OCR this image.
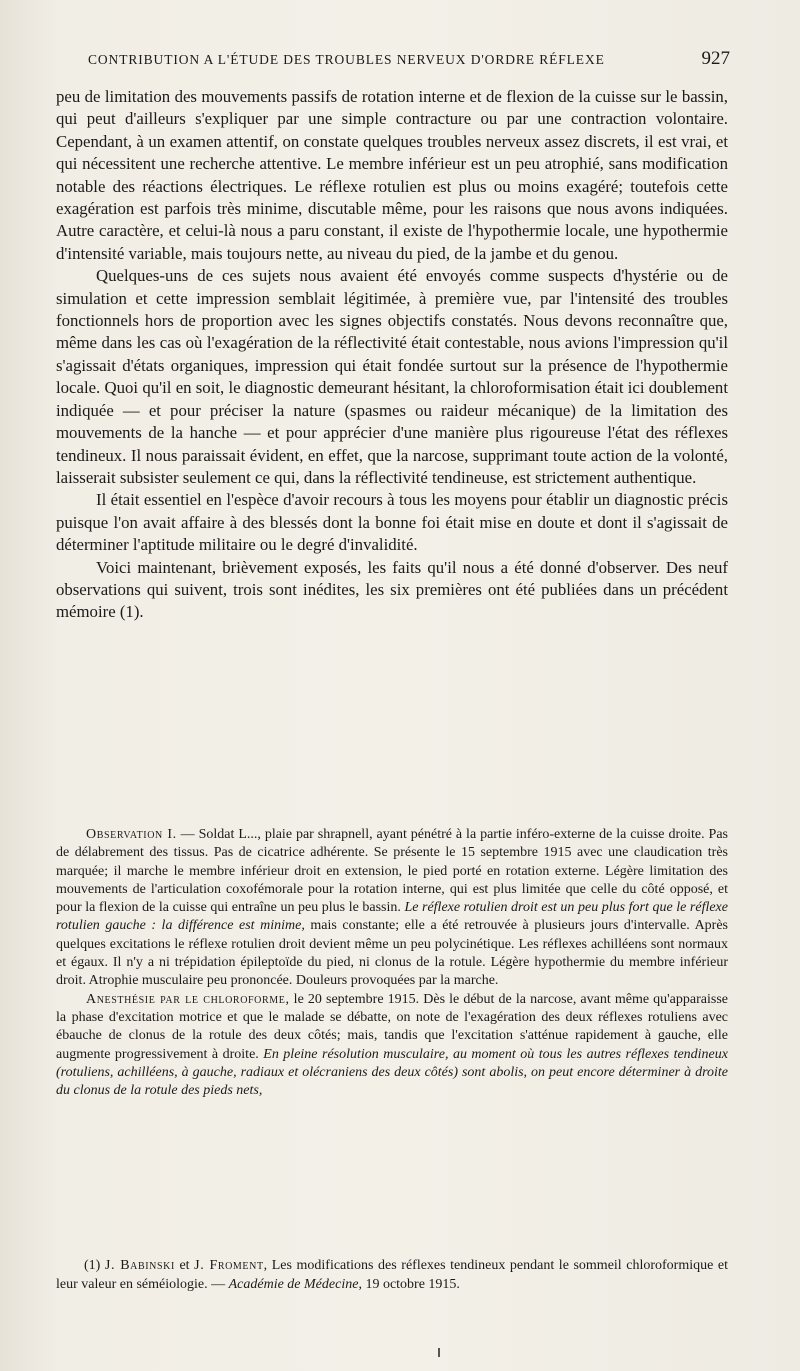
CONTRIBUTION A L'ÉTUDE DES TROUBLES NERVEUX D'ORDRE RÉFLEXE	927

peu de limitation des mouvements passifs de rotation interne et de flexion de la cuisse sur le bassin, qui peut d'ailleurs s'expliquer par une simple contracture ou par une contraction volontaire. Cependant, à un examen attentif, on constate quelques troubles nerveux assez discrets, il est vrai, et qui nécessitent une recherche attentive. Le membre inférieur est un peu atrophié, sans modification notable des réactions électriques. Le réflexe rotulien est plus ou moins exagéré; toutefois cette exagération est parfois très minime, discutable même, pour les raisons que nous avons indiquées. Autre caractère, et celui-là nous a paru constant, il existe de l'hypothermie locale, une hypothermie d'intensité variable, mais toujours nette, au niveau du pied, de la jambe et du genou.

Quelques-uns de ces sujets nous avaient été envoyés comme suspects d'hystérie ou de simulation et cette impression semblait légitimée, à première vue, par l'intensité des troubles fonctionnels hors de proportion avec les signes objectifs constatés. Nous devons reconnaître que, même dans les cas où l'exagération de la réflectivité était contestable, nous avions l'impression qu'il s'agissait d'états organiques, impression qui était fondée surtout sur la présence de l'hypothermie locale. Quoi qu'il en soit, le diagnostic demeurant hésitant, la chloroformisation était ici doublement indiquée — et pour préciser la nature (spasmes ou raideur mécanique) de la limitation des mouvements de la hanche — et pour apprécier d'une manière plus rigoureuse l'état des réflexes tendineux. Il nous paraissait évident, en effet, que la narcose, supprimant toute action de la volonté, laisserait subsister seulement ce qui, dans la réflectivité tendineuse, est strictement authentique.

Il était essentiel en l'espèce d'avoir recours à tous les moyens pour établir un diagnostic précis puisque l'on avait affaire à des blessés dont la bonne foi était mise en doute et dont il s'agissait de déterminer l'aptitude militaire ou le degré d'invalidité.

Voici maintenant, brièvement exposés, les faits qu'il nous a été donné d'observer. Des neuf observations qui suivent, trois sont inédites, les six premières ont été publiées dans un précédent mémoire (1).

Observation I. — Soldat L..., plaie par shrapnell, ayant pénétré à la partie inféro-externe de la cuisse droite. Pas de délabrement des tissus. Pas de cicatrice adhérente. Se présente le 15 septembre 1915 avec une claudication très marquée; il marche le membre inférieur droit en extension, le pied porté en rotation externe. Légère limitation des mouvements de l'articulation coxofémorale pour la rotation interne, qui est plus limitée que celle du côté opposé, et pour la flexion de la cuisse qui entraîne un peu plus le bassin. Le réflexe rotulien droit est un peu plus fort que le réflexe rotulien gauche : la différence est minime, mais constante; elle a été retrouvée à plusieurs jours d'intervalle. Après quelques excitations le réflexe rotulien droit devient même un peu polycinétique. Les réflexes achilléens sont normaux et égaux. Il n'y a ni trépidation épileptoïde du pied, ni clonus de la rotule. Légère hypothermie du membre inférieur droit. Atrophie musculaire peu prononcée. Douleurs provoquées par la marche.

Anesthésie par le chloroforme, le 20 septembre 1915. Dès le début de la narcose, avant même qu'apparaisse la phase d'excitation motrice et que le malade se débatte, on note de l'exagération des deux réflexes rotuliens avec ébauche de clonus de la rotule des deux côtés; mais, tandis que l'excitation s'atténue rapidement à gauche, elle augmente progressivement à droite. En pleine résolution musculaire, au moment où tous les autres réflexes tendineux (rotuliens, achilléens, à gauche, radiaux et olécraniens des deux côtés) sont abolis, on peut encore déterminer à droite du clonus de la rotule des pieds nets,

(1) J. Babinski et J. Froment, Les modifications des réflexes tendineux pendant le sommeil chloroformique et leur valeur en séméiologie. — Académie de Médecine, 19 octobre 1915.
